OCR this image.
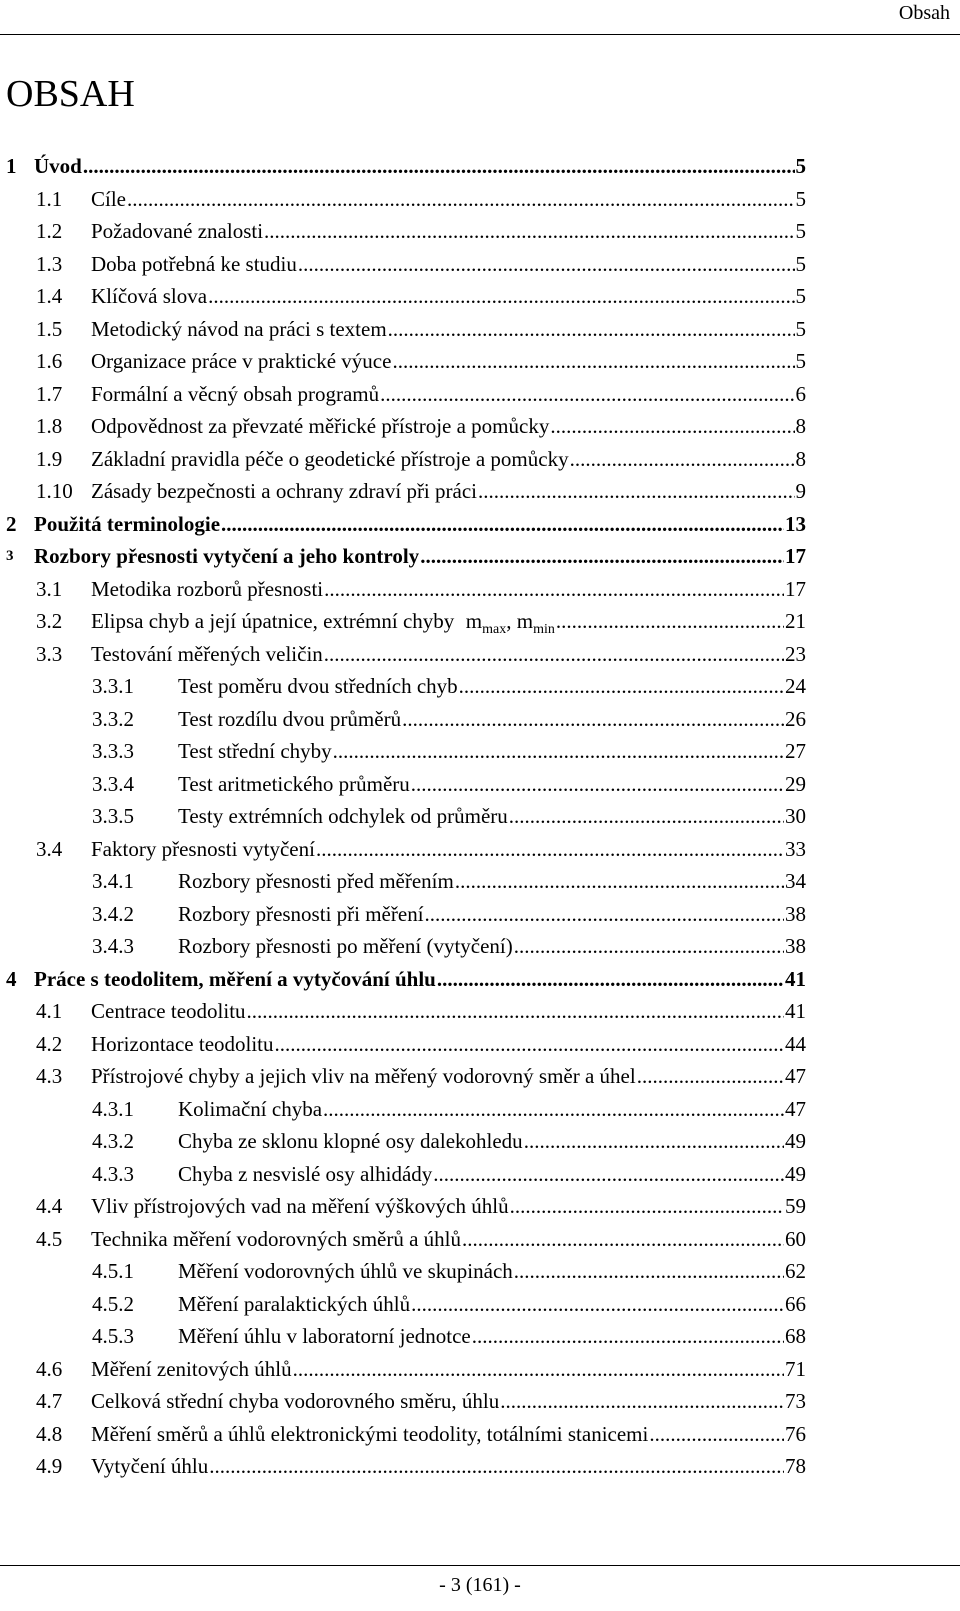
Obsah
OBSAH
1 Úvod .....	5
1.1 Cíle .....	5
1.2 Požadované znalosti .....	5
1.3 Doba potřebná ke studiu .....	5
1.4 Klíčová slova .....	5
1.5 Metodický návod na práci s textem .....	5
1.6 Organizace práce v praktické výuce .....	5
1.7 Formální a věcný obsah programů .....	6
1.8 Odpovědnost za převzaté měřické přístroje a pomůcky .....	8
1.9 Základní pravidla péče o geodetické přístroje a pomůcky .....	8
1.10 Zásady bezpečnosti a ochrany zdraví při práci .....	9
2 Použitá terminologie .....	13
3 Rozbory přesnosti vytyčení a jeho kontroly .....	17
3.1 Metodika rozborů přesnosti .....	17
3.2 Elipsa chyb a její úpatnice, extrémní chyby  $m_{max}$, $m_{min}$ .....	21
3.3 Testování měřených veličin .....	23
3.3.1 Test poměru dvou středních chyb .....	24
3.3.2 Test rozdílu dvou průměrů .....	26
3.3.3 Test střední chyby .....	27
3.3.4 Test aritmetického průměru .....	29
3.3.5 Testy extrémních odchylek od průměru .....	30
3.4 Faktory přesnosti vytyčení .....	33
3.4.1 Rozbory přesnosti před měřením .....	34
3.4.2 Rozbory přesnosti při měření .....	38
3.4.3 Rozbory přesnosti po měření (vytyčení) .....	38
4 Práce s teodolitem, měření a vytyčování úhlu .....	41
4.1 Centrace teodolitu .....	41
4.2 Horizontace teodolitu .....	44
4.3 Přístrojové chyby a jejich vliv na měřený vodorovný směr a úhel .....	47
4.3.1 Kolimační chyba .....	47
4.3.2 Chyba ze sklonu klopné osy dalekohledu .....	49
4.3.3 Chyba z nesvislé osy alhidády .....	49
4.4 Vliv přístrojových vad na měření výškových úhlů .....	59
4.5 Technika měření vodorovných směrů a úhlů .....	60
4.5.1 Měření vodorovných úhlů ve skupinách .....	62
4.5.2 Měření paralaktických úhlů .....	66
4.5.3 Měření úhlu v laboratorní jednotce .....	68
4.6 Měření zenitových úhlů .....	71
4.7 Celková střední chyba vodorovného směru, úhlu .....	73
4.8 Měření směrů a úhlů elektronickými teodolity, totálními stanicemi .....	76
4.9 Vytyčení úhlu .....	78
- 3 (161) -
